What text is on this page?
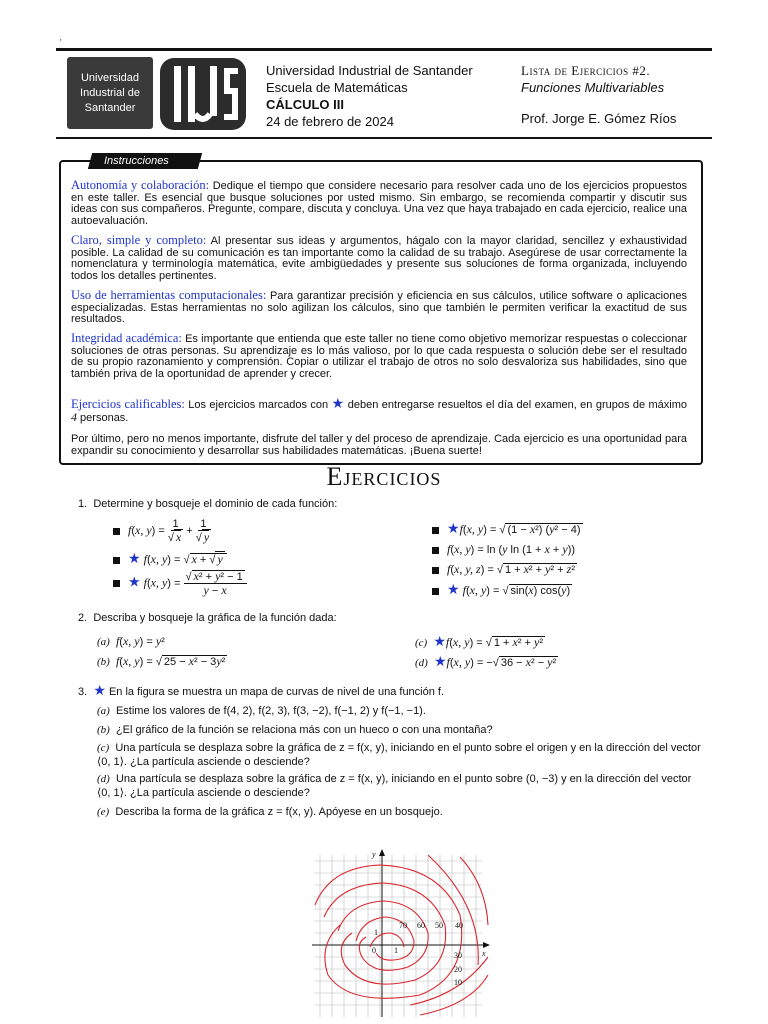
'
Universidad
Industrial de
Santander
Universidad Industrial de Santander
Escuela de Matemáticas
CÁLCULO III
24 de febrero de 2024
Lista de Ejercicios #2.
Funciones Multivariables
Prof. Jorge E. Gómez Ríos
Instrucciones
Autonomía y colaboración: Dedique el tiempo que considere necesario para resolver cada uno de los ejercicios propuestos en este taller. Es esencial que busque soluciones por usted mismo. Sin embargo, se recomienda compartir y discutir sus ideas con sus compañeros. Pregunte, compare, discuta y concluya. Una vez que haya trabajado en cada ejercicio, realice una autoevaluación.
Claro, simple y completo: Al presentar sus ideas y argumentos, hágalo con la mayor claridad, sencillez y exhaustividad posible. La calidad de su comunicación es tan importante como la calidad de su trabajo. Asegúrese de usar correctamente la nomenclatura y terminología matemática, evite ambigüedades y presente sus soluciones de forma organizada, incluyendo todos los detalles pertinentes.
Uso de herramientas computacionales: Para garantizar precisión y eficiencia en sus cálculos, utilice software o aplicaciones especializadas. Estas herramientas no solo agilizan los cálculos, sino que también le permiten verificar la exactitud de sus resultados.
Integridad académica: Es importante que entienda que este taller no tiene como objetivo memorizar respuestas o coleccionar soluciones de otras personas. Su aprendizaje es lo más valioso, por lo que cada respuesta o solución debe ser el resultado de su propio razonamiento y comprensión. Copiar o utilizar el trabajo de otros no solo desvaloriza sus habilidades, sino que también priva de la oportunidad de aprender y crecer.
Ejercicios calificables: Los ejercicios marcados con ★ deben entregarse resueltos el día del examen, en grupos de máximo 4 personas.
Por último, pero no menos importante, disfrute del taller y del proceso de aprendizaje. Cada ejercicio es una oportunidad para expandir su conocimiento y desarrollar sus habilidades matemáticas. ¡Buena suerte!
Ejercicios
1. Determine y bosqueje el dominio de cada función:
f(x, $y) = \frac{1}{√ x} + \frac{1}{√ y}$
★ f(x, y) = √ x + √ y
★ f(x, $y) = \frac{\text{√ x² + y² − 1}}{y - x}$
★f(x, y) = √ (1 − x²) (y² − 4)
f(x, y) = ln (y ln (1 + x + y))
f(x, y, z) = √ 1 + x² + y² + z²
★ f(x, y) = √ sin(x) cos(y)
2. Describa y bosqueje la gráfica de la función dada:
(a) f(x, y) = y²
(b) f(x, y) = √ 25 − x² − 3y²
(c) ★f(x, y) = √ 1 + x² + y²
(d) ★f(x, y) = −√ 36 − x² − y²
3. ★ En la figura se muestra un mapa de curvas de nivel de una función f.
(a) Estime los valores de f(4, 2), f(2, 3), f(3, −2), f(−1, 2) y f(−1, −1).
(b) ¿El gráfico de la función se relaciona más con un hueco o con una montaña?
(c) Una partícula se desplaza sobre la gráfica de z = f(x, y), iniciando en el punto sobre el origen y en la dirección del vector ⟨0, 1⟩. ¿La partícula asciende o desciende?
(d) Una partícula se desplaza sobre la gráfica de z = f(x, y), iniciando en el punto sobre (0, −3) y en la dirección del vector ⟨0, 1⟩. ¿La partícula asciende o desciende?
(e) Describa la forma de la gráfica z = f(x, y). Apóyese en un bosquejo.
y
x
0 1
1
70 60 50 40
30
20
10
